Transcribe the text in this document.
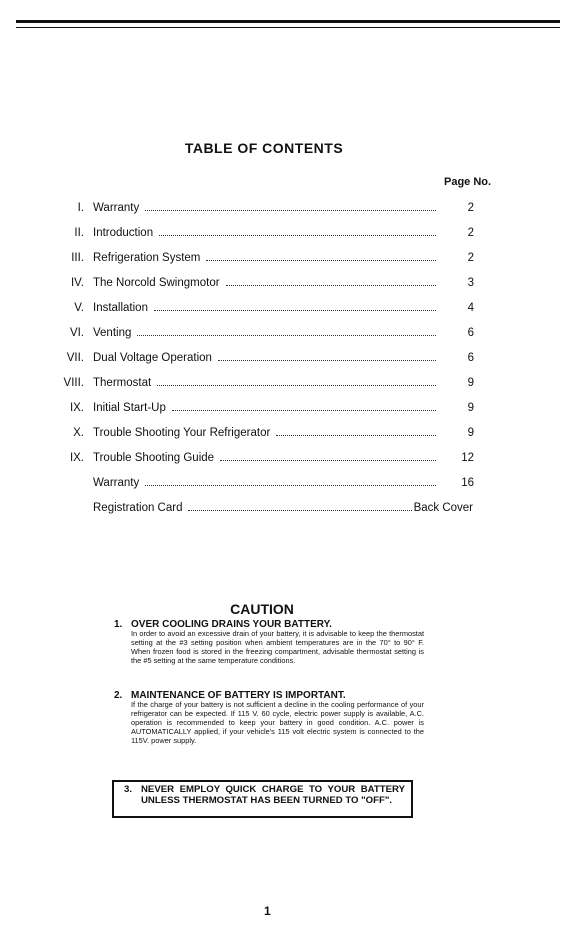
TABLE OF CONTENTS
Page No.
I. Warranty	2
II. Introduction	2
III. Refrigeration System	2
IV. The Norcold Swingmotor	3
V. Installation	4
VI. Venting	6
VII. Dual Voltage Operation	6
VIII. Thermostat	9
IX. Initial Start-Up	9
X. Trouble Shooting Your Refrigerator	9
IX. Trouble Shooting Guide	12
Warranty	16
Registration Card	Back Cover
CAUTION
1. OVER COOLING DRAINS YOUR BATTERY.
In order to avoid an excessive drain of your battery, it is advisable to keep the thermostat setting at the #3 setting position when ambient temperatures are in the 70° to 90° F. When frozen food is stored in the freezing compartment, advisable thermostat setting is the #5 setting at the same temperature conditions.
2. MAINTENANCE OF BATTERY IS IMPORTANT.
If the charge of your battery is not sufficient a decline in the cooling performance of your refrigerator can be expected. If 115 V. 60 cycle, electric power supply is available, A.C. operation is recommended to keep your battery in good condition. A.C. power is AUTOMATICALLY applied, if your vehicle's 115 volt electric system is connected to the 115V. power supply.
3. NEVER EMPLOY QUICK CHARGE TO YOUR BATTERY UNLESS THERMOSTAT HAS BEEN TURNED TO "OFF".
1
